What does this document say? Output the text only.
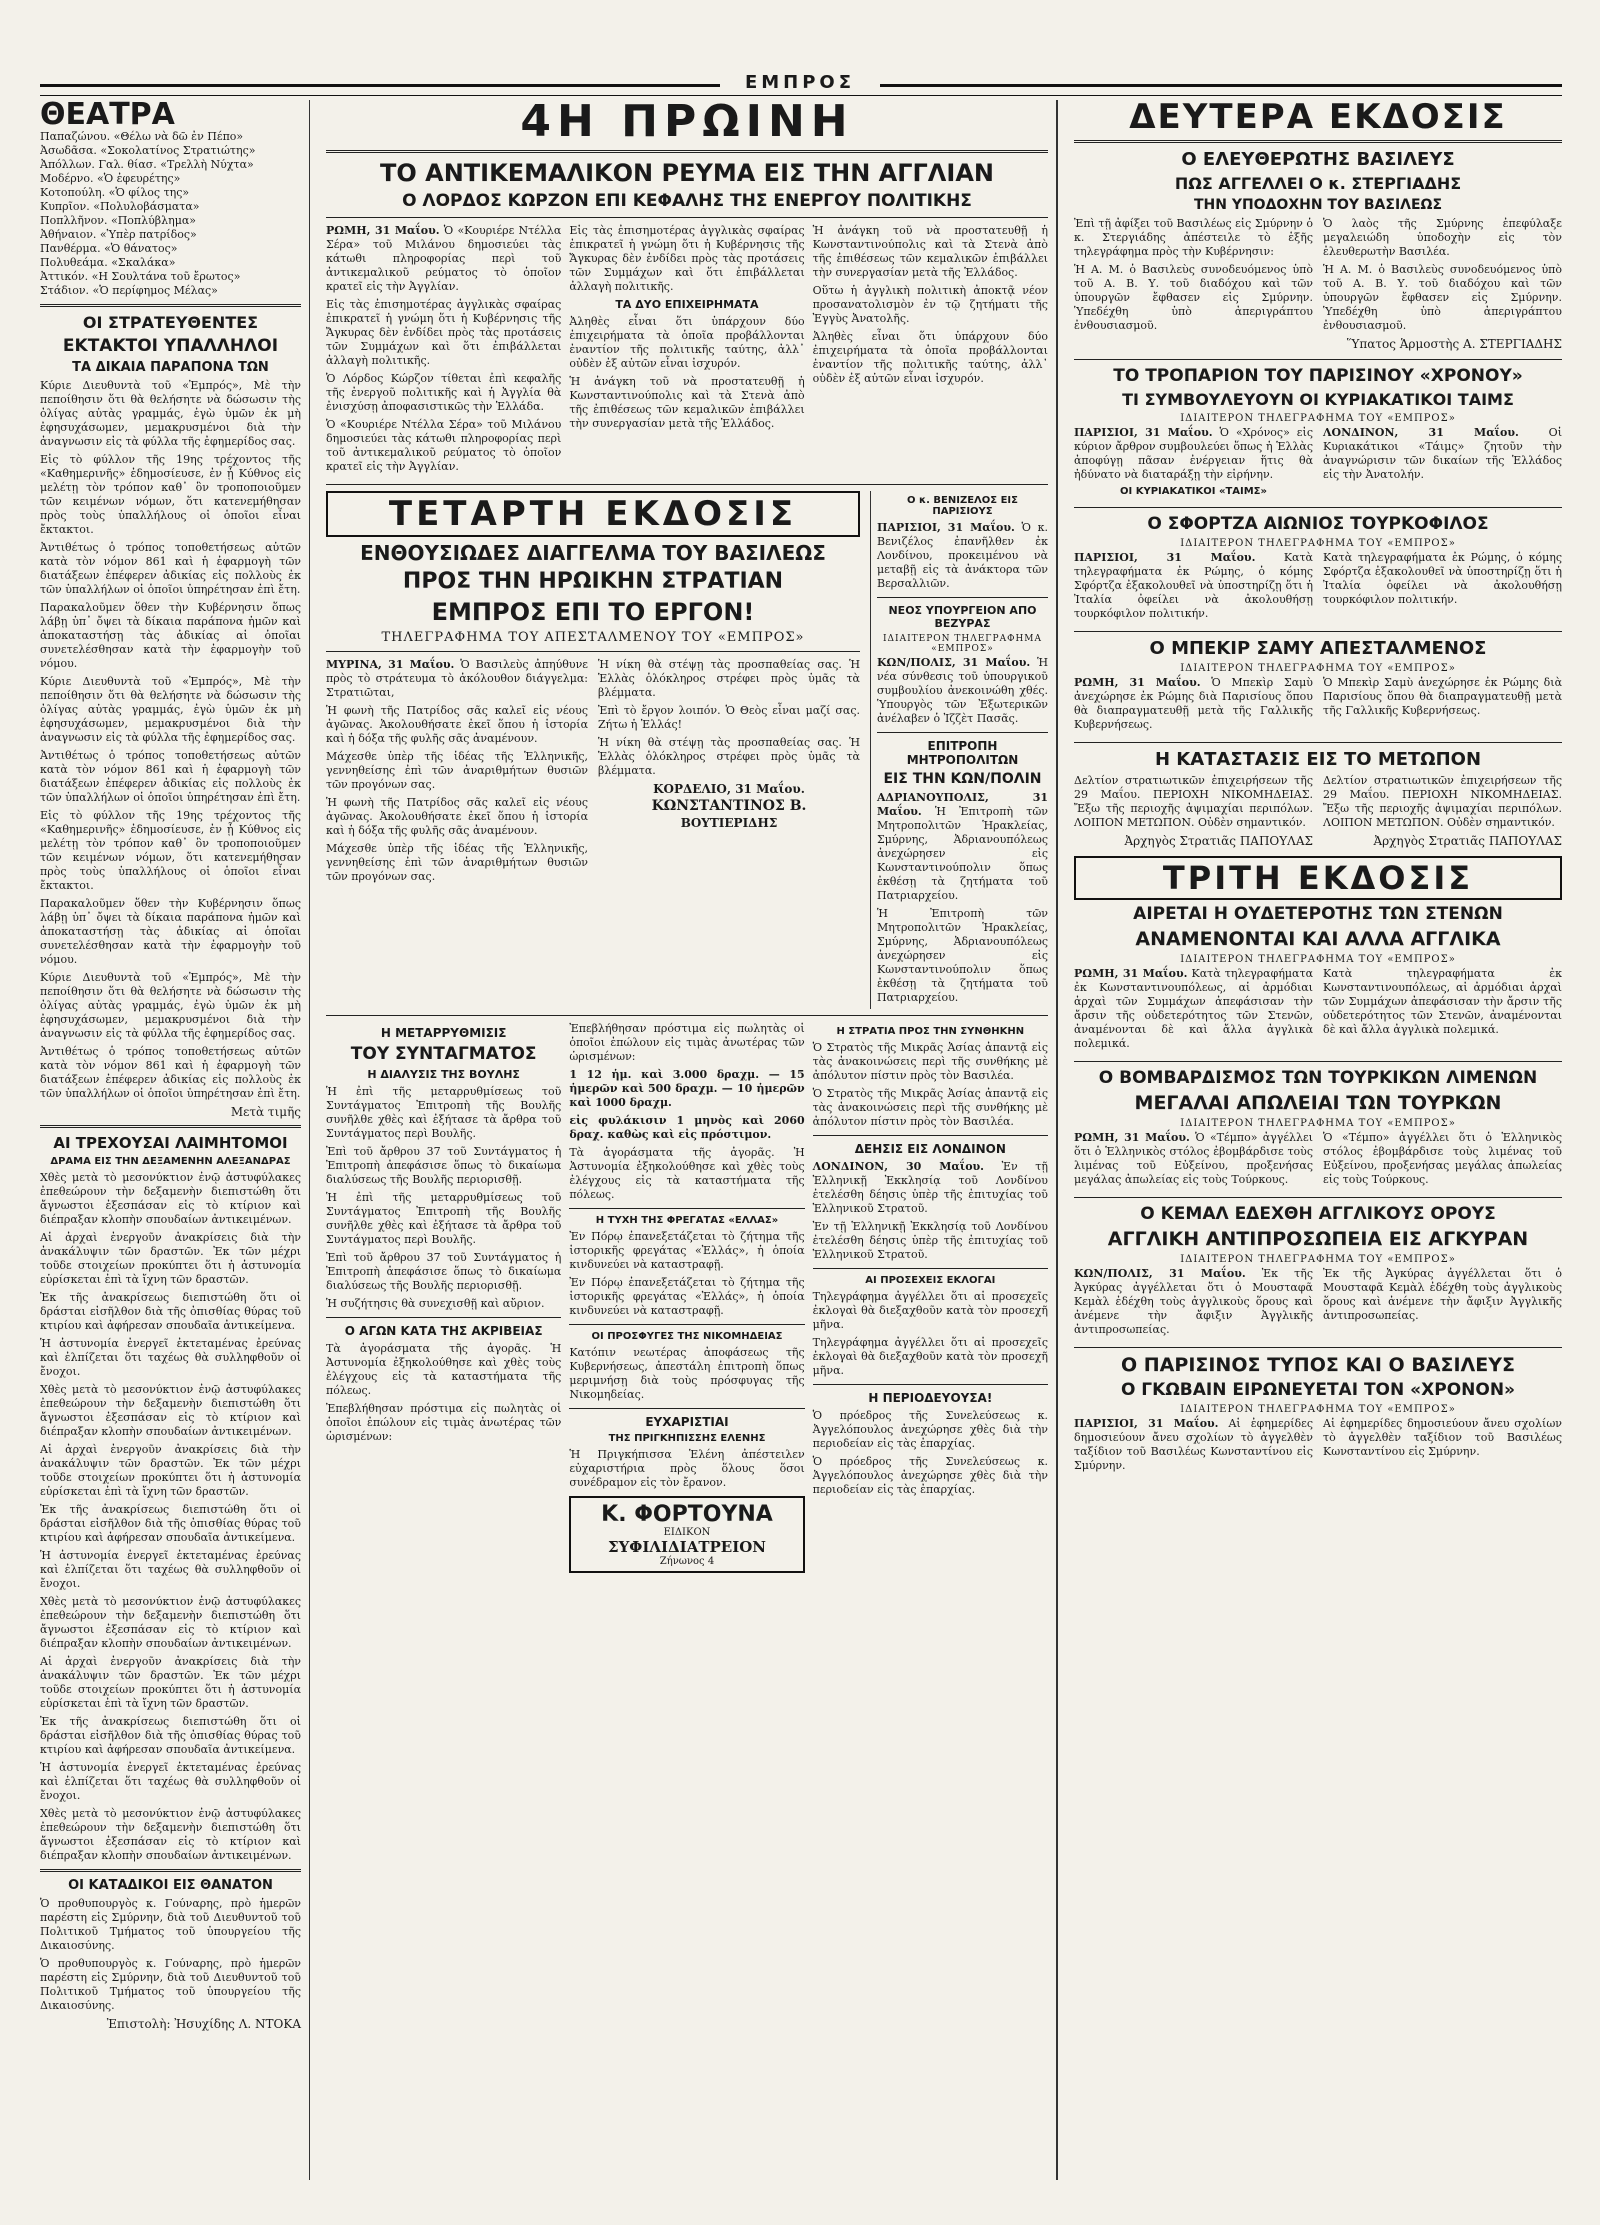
ΕΜΠΡΟΣ
ΘΕΑΤΡΑ

Παπαζώνου. «Θέλω νὰ δῶ ἐν Πέπο»

Ἀσωδᾶσα. «Σοκολατίνος Στρατιώτης»

Ἀπόλλων. Γαλ. θίασ. «Τρελλὴ Νύχτα»

Μοδέρνο. «Ὁ ἐφευρέτης»

Κοτοπούλη. «Ὁ φίλος της»

Κυπρῖον. «Πολυλοβάσματα»

Ποπλλῆνον. «Ποπλύβλημα»

Ἀθήναιον. «Ὑπὲρ πατρίδος»

Πανθέρμα. «Ὁ θάνατος»

Πολυθεάμα. «Σκαλάκα»

Ἀττικόν. «Η Σουλτάνα τοῦ ἔρωτος»

Στάδιον. «Ὁ περίφημος Μέλας»

ΟΙ ΣΤΡΑΤΕΥΘΕΝΤΕΣ
ΕΚΤΑΚΤΟΙ ΥΠΑΛΛΗΛΟΙ
ΤΑ ΔΙΚΑΙΑ ΠΑΡΑΠΟΝΑ ΤΩΝ

Κύριε Διευθυντὰ τοῦ «Ἐμπρός», Μὲ τὴν πεποίθησιν ὅτι θὰ θελήσητε νὰ δώσωσιν τὴς ὀλίγας αὐτὰς γραμμάς, ἐγὼ ὑμῶν ἐκ μὴ ἐφησυχάσωμεν, μεμακρυσμένοι διὰ τὴν ἀναγνωσιν εἰς τὰ φύλλα τῆς ἐφημερίδος σας.

Εἰς τὸ φύλλον τῆς 19ης τρέχοντος τῆς «Καθημερινῆς» ἐδημοσίευσε, ἐν ᾗ Κύθνος εἰς μελέτῃ τὸν τρόπον καθ᾿ ὃν τροποποιοῦμεν τῶν κειμένων νόμων, ὅτι κατενεμήθησαν πρὸς τοὺς ὑπαλλήλους οἱ ὁποῖοι εἶναι ἔκτακτοι.

Ἀντιθέτως ὁ τρόπος τοποθετήσεως αὐτῶν κατὰ τὸν νόμον 861 καὶ ἡ ἐφαρμογὴ τῶν διατάξεων ἐπέφερεν ἀδικίας εἰς πολλοὺς ἐκ τῶν ὑπαλλήλων οἱ ὁποῖοι ὑπηρέτησαν ἐπὶ ἔτη.

Παρακαλοῦμεν ὅθεν τὴν Κυβέρνησιν ὅπως λάβῃ ὑπ᾿ ὄψει τὰ δίκαια παράπονα ἡμῶν καὶ ἀποκαταστήσῃ τὰς ἀδικίας αἱ ὁποῖαι συνετελέσθησαν κατὰ τὴν ἐφαρμογὴν τοῦ νόμου.

Κύριε Διευθυντὰ τοῦ «Ἐμπρός», Μὲ τὴν πεποίθησιν ὅτι θὰ θελήσητε νὰ δώσωσιν τὴς ὀλίγας αὐτὰς γραμμάς, ἐγὼ ὑμῶν ἐκ μὴ ἐφησυχάσωμεν, μεμακρυσμένοι διὰ τὴν ἀναγνωσιν εἰς τὰ φύλλα τῆς ἐφημερίδος σας.

Ἀντιθέτως ὁ τρόπος τοποθετήσεως αὐτῶν κατὰ τὸν νόμον 861 καὶ ἡ ἐφαρμογὴ τῶν διατάξεων ἐπέφερεν ἀδικίας εἰς πολλοὺς ἐκ τῶν ὑπαλλήλων οἱ ὁποῖοι ὑπηρέτησαν ἐπὶ ἔτη.

Εἰς τὸ φύλλον τῆς 19ης τρέχοντος τῆς «Καθημερινῆς» ἐδημοσίευσε, ἐν ᾗ Κύθνος εἰς μελέτῃ τὸν τρόπον καθ᾿ ὃν τροποποιοῦμεν τῶν κειμένων νόμων, ὅτι κατενεμήθησαν πρὸς τοὺς ὑπαλλήλους οἱ ὁποῖοι εἶναι ἔκτακτοι.

Παρακαλοῦμεν ὅθεν τὴν Κυβέρνησιν ὅπως λάβῃ ὑπ᾿ ὄψει τὰ δίκαια παράπονα ἡμῶν καὶ ἀποκαταστήσῃ τὰς ἀδικίας αἱ ὁποῖαι συνετελέσθησαν κατὰ τὴν ἐφαρμογὴν τοῦ νόμου.

Κύριε Διευθυντὰ τοῦ «Ἐμπρός», Μὲ τὴν πεποίθησιν ὅτι θὰ θελήσητε νὰ δώσωσιν τὴς ὀλίγας αὐτὰς γραμμάς, ἐγὼ ὑμῶν ἐκ μὴ ἐφησυχάσωμεν, μεμακρυσμένοι διὰ τὴν ἀναγνωσιν εἰς τὰ φύλλα τῆς ἐφημερίδος σας.

Ἀντιθέτως ὁ τρόπος τοποθετήσεως αὐτῶν κατὰ τὸν νόμον 861 καὶ ἡ ἐφαρμογὴ τῶν διατάξεων ἐπέφερεν ἀδικίας εἰς πολλοὺς ἐκ τῶν ὑπαλλήλων οἱ ὁποῖοι ὑπηρέτησαν ἐπὶ ἔτη.

Μετὰ τιμῆς
ΑΙ ΤΡΕΧΟΥΣΑΙ ΛΑΙΜΗΤΟΜΟΙ
ΔΡΑΜΑ ΕΙΣ ΤΗΝ ΔΕΞΑΜΕΝΗΝ ΑΛΕΞΑΝΔΡΑΣ

Χθὲς μετὰ τὸ μεσονύκτιον ἐνῷ ἀστυφύλακες ἐπεθεώρουν τὴν δεξαμενὴν διεπιστώθη ὅτι ἄγνωστοι ἐξεσπάσαν εἰς τὸ κτίριον καὶ διέπραξαν κλοπὴν σπουδαίων ἀντικειμένων.

Αἱ ἀρχαὶ ἐνεργοῦν ἀνακρίσεις διὰ τὴν ἀνακάλυψιν τῶν δραστῶν. Ἐκ τῶν μέχρι τοῦδε στοιχείων προκύπτει ὅτι ἡ ἀστυνομία εὑρίσκεται ἐπὶ τὰ ἴχνη τῶν δραστῶν.

Ἐκ τῆς ἀνακρίσεως διεπιστώθη ὅτι οἱ δράσται εἰσῆλθον διὰ τῆς ὀπισθίας θύρας τοῦ κτιρίου καὶ ἀφήρεσαν σπουδαῖα ἀντικείμενα.

Ἡ ἀστυνομία ἐνεργεῖ ἐκτεταμένας ἐρεύνας καὶ ἐλπίζεται ὅτι ταχέως θὰ συλληφθοῦν οἱ ἔνοχοι.

Χθὲς μετὰ τὸ μεσονύκτιον ἐνῷ ἀστυφύλακες ἐπεθεώρουν τὴν δεξαμενὴν διεπιστώθη ὅτι ἄγνωστοι ἐξεσπάσαν εἰς τὸ κτίριον καὶ διέπραξαν κλοπὴν σπουδαίων ἀντικειμένων.

Αἱ ἀρχαὶ ἐνεργοῦν ἀνακρίσεις διὰ τὴν ἀνακάλυψιν τῶν δραστῶν. Ἐκ τῶν μέχρι τοῦδε στοιχείων προκύπτει ὅτι ἡ ἀστυνομία εὑρίσκεται ἐπὶ τὰ ἴχνη τῶν δραστῶν.

Ἐκ τῆς ἀνακρίσεως διεπιστώθη ὅτι οἱ δράσται εἰσῆλθον διὰ τῆς ὀπισθίας θύρας τοῦ κτιρίου καὶ ἀφήρεσαν σπουδαῖα ἀντικείμενα.

Ἡ ἀστυνομία ἐνεργεῖ ἐκτεταμένας ἐρεύνας καὶ ἐλπίζεται ὅτι ταχέως θὰ συλληφθοῦν οἱ ἔνοχοι.

Χθὲς μετὰ τὸ μεσονύκτιον ἐνῷ ἀστυφύλακες ἐπεθεώρουν τὴν δεξαμενὴν διεπιστώθη ὅτι ἄγνωστοι ἐξεσπάσαν εἰς τὸ κτίριον καὶ διέπραξαν κλοπὴν σπουδαίων ἀντικειμένων.

Αἱ ἀρχαὶ ἐνεργοῦν ἀνακρίσεις διὰ τὴν ἀνακάλυψιν τῶν δραστῶν. Ἐκ τῶν μέχρι τοῦδε στοιχείων προκύπτει ὅτι ἡ ἀστυνομία εὑρίσκεται ἐπὶ τὰ ἴχνη τῶν δραστῶν.

Ἐκ τῆς ἀνακρίσεως διεπιστώθη ὅτι οἱ δράσται εἰσῆλθον διὰ τῆς ὀπισθίας θύρας τοῦ κτιρίου καὶ ἀφήρεσαν σπουδαῖα ἀντικείμενα.

Ἡ ἀστυνομία ἐνεργεῖ ἐκτεταμένας ἐρεύνας καὶ ἐλπίζεται ὅτι ταχέως θὰ συλληφθοῦν οἱ ἔνοχοι.

Χθὲς μετὰ τὸ μεσονύκτιον ἐνῷ ἀστυφύλακες ἐπεθεώρουν τὴν δεξαμενὴν διεπιστώθη ὅτι ἄγνωστοι ἐξεσπάσαν εἰς τὸ κτίριον καὶ διέπραξαν κλοπὴν σπουδαίων ἀντικειμένων.

ΟΙ ΚΑΤΑΔΙΚΟΙ ΕΙΣ ΘΑΝΑΤΟΝ

Ὁ προθυπουργὸς κ. Γούναρης, πρὸ ἡμερῶν παρέστη εἰς Σμύρνην, διὰ τοῦ Διευθυντοῦ τοῦ Πολιτικοῦ Τμήματος τοῦ ὑπουργείου τῆς Δικαιοσύνης.

Ὁ προθυπουργὸς κ. Γούναρης, πρὸ ἡμερῶν παρέστη εἰς Σμύρνην, διὰ τοῦ Διευθυντοῦ τοῦ Πολιτικοῦ Τμήματος τοῦ ὑπουργείου τῆς Δικαιοσύνης.

Ἐπιστολὴ: Ἠσυχίδης Λ. ΝΤΟΚΑ
4Η ΠΡΩΙΝΗ
ΤΟ ΑΝΤΙΚΕΜΑΛΙΚΟΝ ΡΕΥΜΑ ΕΙΣ ΤΗΝ ΑΓΓΛΙΑΝ
Ο ΛΟΡΔΟΣ ΚΩΡΖΟΝ ΕΠΙ ΚΕΦΑΛΗΣ ΤΗΣ ΕΝΕΡΓΟΥ ΠΟΛΙΤΙΚΗΣ

ΡΩΜΗ, 31 Μαΐου. Ὁ «Κουριέρε Ντέλλα Σέρα» τοῦ Μιλάνου δημοσιεύει τὰς κάτωθι πληροφορίας περὶ τοῦ ἀντικεμαλικοῦ ρεύματος τὸ ὁποῖον κρατεῖ εἰς τὴν Ἀγγλίαν.

Εἰς τὰς ἐπισημοτέρας ἀγγλικὰς σφαίρας ἐπικρατεῖ ἡ γνώμη ὅτι ἡ Κυβέρνησις τῆς Ἄγκυρας δὲν ἐνδίδει πρὸς τὰς προτάσεις τῶν Συμμάχων καὶ ὅτι ἐπιβάλλεται ἀλλαγὴ πολιτικῆς.

Ὁ Λόρδος Κώρζον τίθεται ἐπὶ κεφαλῆς τῆς ἐνεργοῦ πολιτικῆς καὶ ἡ Ἀγγλία θὰ ἐνισχύσῃ ἀποφασιστικῶς τὴν Ἑλλάδα.

Ὁ «Κουριέρε Ντέλλα Σέρα» τοῦ Μιλάνου δημοσιεύει τὰς κάτωθι πληροφορίας περὶ τοῦ ἀντικεμαλικοῦ ρεύματος τὸ ὁποῖον κρατεῖ εἰς τὴν Ἀγγλίαν.

Εἰς τὰς ἐπισημοτέρας ἀγγλικὰς σφαίρας ἐπικρατεῖ ἡ γνώμη ὅτι ἡ Κυβέρνησις τῆς Ἄγκυρας δὲν ἐνδίδει πρὸς τὰς προτάσεις τῶν Συμμάχων καὶ ὅτι ἐπιβάλλεται ἀλλαγὴ πολιτικῆς.

ΤΑ ΔΥΟ ΕΠΙΧΕΙΡΗΜΑΤΑ

Ἀληθὲς εἶναι ὅτι ὑπάρχουν δύο ἐπιχειρήματα τὰ ὁποῖα προβάλλονται ἐναντίον τῆς πολιτικῆς ταύτης, ἀλλ᾿ οὐδὲν ἐξ αὐτῶν εἶναι ἰσχυρόν.

Ἡ ἀνάγκη τοῦ νὰ προστατευθῇ ἡ Κωνσταντινούπολις καὶ τὰ Στενὰ ἀπὸ τῆς ἐπιθέσεως τῶν κεμαλικῶν ἐπιβάλλει τὴν συνεργασίαν μετὰ τῆς Ἑλλάδος.

Ἡ ἀνάγκη τοῦ νὰ προστατευθῇ ἡ Κωνσταντινούπολις καὶ τὰ Στενὰ ἀπὸ τῆς ἐπιθέσεως τῶν κεμαλικῶν ἐπιβάλλει τὴν συνεργασίαν μετὰ τῆς Ἑλλάδος.

Οὕτω ἡ ἀγγλικὴ πολιτικὴ ἀποκτᾷ νέον προσανατολισμὸν ἐν τῷ ζητήματι τῆς Ἐγγὺς Ἀνατολῆς.

Ἀληθὲς εἶναι ὅτι ὑπάρχουν δύο ἐπιχειρήματα τὰ ὁποῖα προβάλλονται ἐναντίον τῆς πολιτικῆς ταύτης, ἀλλ᾿ οὐδὲν ἐξ αὐτῶν εἶναι ἰσχυρόν.

ΤΕΤΑΡΤΗ ΕΚΔΟΣΙΣ
ΕΝΘΟΥΣΙΩΔΕΣ ΔΙΑΓΓΕΛΜΑ ΤΟΥ ΒΑΣΙΛΕΩΣ
ΠΡΟΣ ΤΗΝ ΗΡΩΙΚΗΝ ΣΤΡΑΤΙΑΝ
ΕΜΠΡΟΣ ΕΠΙ ΤΟ ΕΡΓΟΝ!
ΤΗΛΕΓΡΑΦΗΜΑ ΤΟΥ ΑΠΕΣΤΑΛΜΕΝΟΥ ΤΟΥ «ΕΜΠΡΟΣ»

ΜΥΡΙΝΑ, 31 Μαΐου. Ὁ Βασιλεὺς ἀπηύθυνε πρὸς τὸ στράτευμα τὸ ἀκόλουθον διάγγελμα: Στρατιῶται,

Ἡ φωνὴ τῆς Πατρίδος σᾶς καλεῖ εἰς νέους ἀγῶνας. Ἀκολουθήσατε ἐκεῖ ὅπου ἡ ἱστορία καὶ ἡ δόξα τῆς φυλῆς σᾶς ἀναμένουν.

Μάχεσθε ὑπὲρ τῆς ἰδέας τῆς Ἑλληνικῆς, γεννηθείσης ἐπὶ τῶν ἀναριθμήτων θυσιῶν τῶν προγόνων σας.

Ἡ φωνὴ τῆς Πατρίδος σᾶς καλεῖ εἰς νέους ἀγῶνας. Ἀκολουθήσατε ἐκεῖ ὅπου ἡ ἱστορία καὶ ἡ δόξα τῆς φυλῆς σᾶς ἀναμένουν.

Μάχεσθε ὑπὲρ τῆς ἰδέας τῆς Ἑλληνικῆς, γεννηθείσης ἐπὶ τῶν ἀναριθμήτων θυσιῶν τῶν προγόνων σας.

Ἡ νίκη θὰ στέψῃ τὰς προσπαθείας σας. Ἡ Ἑλλὰς ὁλόκληρος στρέφει πρὸς ὑμᾶς τὰ βλέμματα.

Ἐπὶ τὸ ἔργον λοιπόν. Ὁ Θεὸς εἶναι μαζί σας. Ζήτω ἡ Ἑλλάς!

Ἡ νίκη θὰ στέψῃ τὰς προσπαθείας σας. Ἡ Ἑλλὰς ὁλόκληρος στρέφει πρὸς ὑμᾶς τὰ βλέμματα.

ΚΟΡΔΕΛΙΟ, 31 Μαΐου.
ΚΩΝΣΤΑΝΤΙΝΟΣ Β.
ΒΟΥΤΙΕΡΙΔΗΣ
Ο κ. ΒΕΝΙΖΕΛΟΣ ΕΙΣ ΠΑΡΙΣΙΟΥΣ

ΠΑΡΙΣΙΟΙ, 31 Μαΐου. Ὁ κ. Βενιζέλος ἐπανῆλθεν ἐκ Λονδίνου, προκειμένου νὰ μεταβῇ εἰς τὰ ἀνάκτορα τῶν Βερσαλλιῶν.

ΝΕΟΣ ΥΠΟΥΡΓΕΙΟΝ ΑΠΟ ΒΕΖΥΡΑΣ
ΙΔΙΑΙΤΕΡΟΝ ΤΗΛΕΓΡΑΦΗΜΑ «ΕΜΠΡΟΣ»

ΚΩΝ/ΠΟΛΙΣ, 31 Μαΐου. Ἡ νέα σύνθεσις τοῦ ὑπουργικοῦ συμβουλίου ἀνεκοινώθη χθές. Ὑπουργὸς τῶν Ἐξωτερικῶν ἀνέλαβεν ὁ Ἰζζὲτ Πασᾶς.

ΕΠΙΤΡΟΠΗ ΜΗΤΡΟΠΟΛΙΤΩΝ
ΕΙΣ ΤΗΝ ΚΩΝ/ΠΟΛΙΝ

ΑΔΡΙΑΝΟΥΠΟΛΙΣ, 31 Μαΐου. Ἡ Ἐπιτροπὴ τῶν Μητροπολιτῶν Ἡρακλείας, Σμύρνης, Ἀδριανουπόλεως ἀνεχώρησεν εἰς Κωνσταντινούπολιν ὅπως ἐκθέσῃ τὰ ζητήματα τοῦ Πατριαρχείου.

Ἡ Ἐπιτροπὴ τῶν Μητροπολιτῶν Ἡρακλείας, Σμύρνης, Ἀδριανουπόλεως ἀνεχώρησεν εἰς Κωνσταντινούπολιν ὅπως ἐκθέσῃ τὰ ζητήματα τοῦ Πατριαρχείου.

Η ΜΕΤΑΡΡΥΘΜΙΣΙΣ
ΤΟΥ ΣΥΝΤΑΓΜΑΤΟΣ
Η ΔΙΑΛΥΣΙΣ ΤΗΣ ΒΟΥΛΗΣ

Ἡ ἐπὶ τῆς μεταρρυθμίσεως τοῦ Συντάγματος Ἐπιτροπὴ τῆς Βουλῆς συνῆλθε χθὲς καὶ ἐξήτασε τὰ ἄρθρα τοῦ Συντάγματος περὶ Βουλῆς.

Ἐπὶ τοῦ ἄρθρου 37 τοῦ Συντάγματος ἡ Ἐπιτροπὴ ἀπεφάσισε ὅπως τὸ δικαίωμα διαλύσεως τῆς Βουλῆς περιορισθῇ.

Ἡ ἐπὶ τῆς μεταρρυθμίσεως τοῦ Συντάγματος Ἐπιτροπὴ τῆς Βουλῆς συνῆλθε χθὲς καὶ ἐξήτασε τὰ ἄρθρα τοῦ Συντάγματος περὶ Βουλῆς.

Ἐπὶ τοῦ ἄρθρου 37 τοῦ Συντάγματος ἡ Ἐπιτροπὴ ἀπεφάσισε ὅπως τὸ δικαίωμα διαλύσεως τῆς Βουλῆς περιορισθῇ.

Ἡ συζήτησις θὰ συνεχισθῇ καὶ αὔριον.

Ο ΑΓΩΝ ΚΑΤΑ ΤΗΣ ΑΚΡΙΒΕΙΑΣ

Τὰ ἀγοράσματα τῆς ἀγορᾶς. Ἡ Ἀστυνομία ἐξηκολούθησε καὶ χθὲς τοὺς ἐλέγχους εἰς τὰ καταστήματα τῆς πόλεως.

Ἐπεβλήθησαν πρόστιμα εἰς πωλητὰς οἱ ὁποῖοι ἐπώλουν εἰς τιμὰς ἀνωτέρας τῶν ὡρισμένων:

Ἐπεβλήθησαν πρόστιμα εἰς πωλητὰς οἱ ὁποῖοι ἐπώλουν εἰς τιμὰς ἀνωτέρας τῶν ὡρισμένων:

1 12 ἡμ. καὶ 3.000 δραχμ. — 15 ἡμερῶν καὶ 500 δραχμ. — 10 ἡμερῶν καὶ 1000 δραχμ.

εἰς φυλάκισιν 1 μηνὸς καὶ 2060 δραχ. καθὼς καὶ εἰς πρόστιμον.

Τὰ ἀγοράσματα τῆς ἀγορᾶς. Ἡ Ἀστυνομία ἐξηκολούθησε καὶ χθὲς τοὺς ἐλέγχους εἰς τὰ καταστήματα τῆς πόλεως.

Η ΤΥΧΗ ΤΗΣ ΦΡΕΓΑΤΑΣ «ΕΛΛΑΣ»

Ἐν Πόρῳ ἐπανεξετάζεται τὸ ζήτημα τῆς ἱστορικῆς φρεγάτας «Ἑλλάς», ἡ ὁποία κινδυνεύει νὰ καταστραφῇ.

Ἐν Πόρῳ ἐπανεξετάζεται τὸ ζήτημα τῆς ἱστορικῆς φρεγάτας «Ἑλλάς», ἡ ὁποία κινδυνεύει νὰ καταστραφῇ.

ΟΙ ΠΡΟΣΦΥΓΕΣ ΤΗΣ ΝΙΚΟΜΗΔΕΙΑΣ

Κατόπιν νεωτέρας ἀποφάσεως τῆς Κυβερνήσεως, ἀπεστάλη ἐπιτροπὴ ὅπως μεριμνήσῃ διὰ τοὺς πρόσφυγας τῆς Νικομηδείας.

ΕΥΧΑΡΙΣΤΙΑΙ
ΤΗΣ ΠΡΙΓΚΗΠΙΣΣΗΣ ΕΛΕΝΗΣ

Ἡ Πριγκήπισσα Ἑλένη ἀπέστειλεν εὐχαριστήρια πρὸς ὅλους ὅσοι συνέδραμον εἰς τὸν ἔρανον.

Κ. ΦΟΡΤΟΥΝΑ
ΕΙΔΙΚΟΝ
ΣΥΦΙΛΙΔΙΑΤΡΕΙΟΝ
Ζήνωνος 4
Η ΣΤΡΑΤΙΑ ΠΡΟΣ ΤΗΝ ΣΥΝΘΗΚΗΝ

Ὁ Στρατὸς τῆς Μικρᾶς Ἀσίας ἀπαντᾷ εἰς τὰς ἀνακοινώσεις περὶ τῆς συνθήκης μὲ ἀπόλυτον πίστιν πρὸς τὸν Βασιλέα.

Ὁ Στρατὸς τῆς Μικρᾶς Ἀσίας ἀπαντᾷ εἰς τὰς ἀνακοινώσεις περὶ τῆς συνθήκης μὲ ἀπόλυτον πίστιν πρὸς τὸν Βασιλέα.

ΔΕΗΣΙΣ ΕΙΣ ΛΟΝΔΙΝΟΝ

ΛΟΝΔΙΝΟΝ, 30 Μαΐου. Ἐν τῇ Ἑλληνικῇ Ἐκκλησίᾳ τοῦ Λονδίνου ἐτελέσθη δέησις ὑπὲρ τῆς ἐπιτυχίας τοῦ Ἑλληνικοῦ Στρατοῦ.

Ἐν τῇ Ἑλληνικῇ Ἐκκλησίᾳ τοῦ Λονδίνου ἐτελέσθη δέησις ὑπὲρ τῆς ἐπιτυχίας τοῦ Ἑλληνικοῦ Στρατοῦ.

ΑΙ ΠΡΟΣΕΧΕΙΣ ΕΚΛΟΓΑΙ

Τηλεγράφημα ἀγγέλλει ὅτι αἱ προσεχεῖς ἐκλογαὶ θὰ διεξαχθοῦν κατὰ τὸν προσεχῆ μῆνα.

Τηλεγράφημα ἀγγέλλει ὅτι αἱ προσεχεῖς ἐκλογαὶ θὰ διεξαχθοῦν κατὰ τὸν προσεχῆ μῆνα.

Η ΠΕΡΙΟΔΕΥΟΥΣΑ!

Ὁ πρόεδρος τῆς Συνελεύσεως κ. Ἀγγελόπουλος ἀνεχώρησε χθὲς διὰ τὴν περιοδείαν εἰς τὰς ἐπαρχίας.

Ὁ πρόεδρος τῆς Συνελεύσεως κ. Ἀγγελόπουλος ἀνεχώρησε χθὲς διὰ τὴν περιοδείαν εἰς τὰς ἐπαρχίας.

ΔΕΥΤΕΡΑ ΕΚΔΟΣΙΣ
Ο ΕΛΕΥΘΕΡΩΤΗΣ ΒΑΣΙΛΕΥΣ
ΠΩΣ ΑΓΓΕΛΛΕΙ Ο κ. ΣΤΕΡΓΙΑΔΗΣ
ΤΗΝ ΥΠΟΔΟΧΗΝ ΤΟΥ ΒΑΣΙΛΕΩΣ

Ἐπὶ τῇ ἀφίξει τοῦ Βασιλέως εἰς Σμύρνην ὁ κ. Στεργιάδης ἀπέστειλε τὸ ἑξῆς τηλεγράφημα πρὸς τὴν Κυβέρνησιν:

Ἡ Α. Μ. ὁ Βασιλεὺς συνοδευόμενος ὑπὸ τοῦ Α. Β. Υ. τοῦ διαδόχου καὶ τῶν ὑπουργῶν ἔφθασεν εἰς Σμύρνην. Ὑπεδέχθη ὑπὸ ἀπεριγράπτου ἐνθουσιασμοῦ.

Ὁ λαὸς τῆς Σμύρνης ἐπεφύλαξε μεγαλειώδη ὑποδοχὴν εἰς τὸν ἐλευθερωτὴν Βασιλέα.

Ἡ Α. Μ. ὁ Βασιλεὺς συνοδευόμενος ὑπὸ τοῦ Α. Β. Υ. τοῦ διαδόχου καὶ τῶν ὑπουργῶν ἔφθασεν εἰς Σμύρνην. Ὑπεδέχθη ὑπὸ ἀπεριγράπτου ἐνθουσιασμοῦ.

Ὕπατος Ἁρμοστὴς Α. ΣΤΕΡΓΙΑΔΗΣ
ΤΟ ΤΡΟΠΑΡΙΟΝ ΤΟΥ ΠΑΡΙΣΙΝΟΥ «ΧΡΟΝΟΥ»
ΤΙ ΣΥΜΒΟΥΛΕΥΟΥΝ ΟΙ ΚΥΡΙΑΚΑΤΙΚΟΙ ΤΑΙΜΣ
ΙΔΙΑΙΤΕΡΟΝ ΤΗΛΕΓΡΑΦΗΜΑ ΤΟΥ «ΕΜΠΡΟΣ»

ΠΑΡΙΣΙΟΙ, 31 Μαΐου. Ὁ «Χρόνος» εἰς κύριον ἄρθρον συμβουλεύει ὅπως ἡ Ἑλλὰς ἀποφύγῃ πᾶσαν ἐνέργειαν ἥτις θὰ ἠδύνατο νὰ διαταράξῃ τὴν εἰρήνην.

ΟΙ ΚΥΡΙΑΚΑΤΙΚΟΙ «ΤΑΙΜΣ»

ΛΟΝΔΙΝΟΝ, 31 Μαΐου.	Οἱ Κυριακάτικοι «Τάιμς» ζητοῦν τὴν ἀναγνώρισιν τῶν δικαίων τῆς Ἑλλάδος εἰς τὴν Ἀνατολήν.

Ο ΣΦΟΡΤΖΑ ΑΙΩΝΙΟΣ ΤΟΥΡΚΟΦΙΛΟΣ
ΙΔΙΑΙΤΕΡΟΝ ΤΗΛΕΓΡΑΦΗΜΑ ΤΟΥ «ΕΜΠΡΟΣ»

ΠΑΡΙΣΙΟΙ, 31 Μαΐου.	Κατὰ τηλεγραφήματα ἐκ Ρώμης, ὁ κόμης Σφόρτζα ἐξακολουθεῖ νὰ ὑποστηρίζῃ ὅτι ἡ Ἰταλία ὀφείλει νὰ ἀκολουθήσῃ τουρκόφιλον πολιτικήν.

Κατὰ τηλεγραφήματα ἐκ Ρώμης, ὁ κόμης Σφόρτζα ἐξακολουθεῖ νὰ ὑποστηρίζῃ ὅτι ἡ Ἰταλία ὀφείλει νὰ ἀκολουθήσῃ τουρκόφιλον πολιτικήν.

Ο ΜΠΕΚΙΡ ΣΑΜΥ ΑΠΕΣΤΑΛΜΕΝΟΣ
ΙΔΙΑΙΤΕΡΟΝ ΤΗΛΕΓΡΑΦΗΜΑ ΤΟΥ «ΕΜΠΡΟΣ»

ΡΩΜΗ, 31 Μαΐου. Ὁ Μπεκὶρ Σαμὺ ἀνεχώρησε ἐκ Ρώμης διὰ Παρισίους ὅπου θὰ διαπραγματευθῇ μετὰ τῆς Γαλλικῆς Κυβερνήσεως.

Ὁ Μπεκὶρ Σαμὺ ἀνεχώρησε ἐκ Ρώμης διὰ Παρισίους ὅπου θὰ διαπραγματευθῇ μετὰ τῆς Γαλλικῆς Κυβερνήσεως.

Η ΚΑΤΑΣΤΑΣΙΣ ΕΙΣ ΤΟ ΜΕΤΩΠΟΝ

Δελτίον στρατιωτικῶν ἐπιχειρήσεων τῆς 29 Μαΐου. ΠΕΡΙΟΧΗ ΝΙΚΟΜΗΔΕΙΑΣ. Ἔξω τῆς περιοχῆς ἀψιμαχίαι περιπόλων. ΛΟΙΠΟΝ ΜΕΤΩΠΟΝ. Οὐδὲν σημαντικόν.

Ἀρχηγὸς Στρατιᾶς ΠΑΠΟΥΛΑΣ

Δελτίον στρατιωτικῶν ἐπιχειρήσεων τῆς 29 Μαΐου. ΠΕΡΙΟΧΗ ΝΙΚΟΜΗΔΕΙΑΣ. Ἔξω τῆς περιοχῆς ἀψιμαχίαι περιπόλων. ΛΟΙΠΟΝ ΜΕΤΩΠΟΝ. Οὐδὲν σημαντικόν.

Ἀρχηγὸς Στρατιᾶς ΠΑΠΟΥΛΑΣ
ΤΡΙΤΗ ΕΚΔΟΣΙΣ
ΑΙΡΕΤΑΙ Η ΟΥΔΕΤΕΡΟΤΗΣ ΤΩΝ ΣΤΕΝΩΝ
ΑΝΑΜΕΝΟΝΤΑΙ ΚΑΙ ΑΛΛΑ ΑΓΓΛΙΚΑ
ΙΔΙΑΙΤΕΡΟΝ ΤΗΛΕΓΡΑΦΗΜΑ ΤΟΥ «ΕΜΠΡΟΣ»

ΡΩΜΗ, 31 Μαΐου. Κατὰ τηλεγραφήματα ἐκ Κωνσταντινουπόλεως, αἱ ἀρμόδιαι ἀρχαὶ τῶν Συμμάχων ἀπεφάσισαν τὴν ἄρσιν τῆς οὐδετερότητος τῶν Στενῶν, ἀναμένονται δὲ καὶ ἄλλα ἀγγλικὰ πολεμικά.

Κατὰ τηλεγραφήματα ἐκ Κωνσταντινουπόλεως, αἱ ἀρμόδιαι ἀρχαὶ τῶν Συμμάχων ἀπεφάσισαν τὴν ἄρσιν τῆς οὐδετερότητος τῶν Στενῶν, ἀναμένονται δὲ καὶ ἄλλα ἀγγλικὰ πολεμικά.

Ο ΒΟΜΒΑΡΔΙΣΜΟΣ ΤΩΝ ΤΟΥΡΚΙΚΩΝ ΛΙΜΕΝΩΝ
ΜΕΓΑΛΑΙ ΑΠΩΛΕΙΑΙ ΤΩΝ ΤΟΥΡΚΩΝ
ΙΔΙΑΙΤΕΡΟΝ ΤΗΛΕΓΡΑΦΗΜΑ ΤΟΥ «ΕΜΠΡΟΣ»

ΡΩΜΗ, 31 Μαΐου. Ὁ «Τέμπο» ἀγγέλλει ὅτι ὁ Ἑλληνικὸς στόλος ἐβομβάρδισε τοὺς λιμένας τοῦ Εὐξείνου, προξενήσας μεγάλας ἀπωλείας εἰς τοὺς Τούρκους.

Ὁ «Τέμπο» ἀγγέλλει ὅτι ὁ Ἑλληνικὸς στόλος ἐβομβάρδισε τοὺς λιμένας τοῦ Εὐξείνου, προξενήσας μεγάλας ἀπωλείας εἰς τοὺς Τούρκους.

Ο ΚΕΜΑΛ ΕΔΕΧΘΗ ΑΓΓΛΙΚΟΥΣ ΟΡΟΥΣ
ΑΓΓΛΙΚΗ ΑΝΤΙΠΡΟΣΩΠΕΙΑ ΕΙΣ ΑΓΚΥΡΑΝ
ΙΔΙΑΙΤΕΡΟΝ ΤΗΛΕΓΡΑΦΗΜΑ ΤΟΥ «ΕΜΠΡΟΣ»

ΚΩΝ/ΠΟΛΙΣ, 31 Μαΐου. Ἐκ τῆς Ἀγκύρας ἀγγέλλεται ὅτι ὁ Μουσταφᾶ Κεμὰλ ἐδέχθη τοὺς ἀγγλικοὺς ὅρους καὶ ἀνέμενε τὴν ἄφιξιν Ἀγγλικῆς ἀντιπροσωπείας.

Ἐκ τῆς Ἀγκύρας ἀγγέλλεται ὅτι ὁ Μουσταφᾶ Κεμὰλ ἐδέχθη τοὺς ἀγγλικοὺς ὅρους καὶ ἀνέμενε τὴν ἄφιξιν Ἀγγλικῆς ἀντιπροσωπείας.

Ο ΠΑΡΙΣΙΝΟΣ ΤΥΠΟΣ ΚΑΙ Ο ΒΑΣΙΛΕΥΣ
Ο ΓΚΩΒΑΙΝ ΕΙΡΩΝΕΥΕΤΑΙ ΤΟΝ «ΧΡΟΝΟΝ»
ΙΔΙΑΙΤΕΡΟΝ ΤΗΛΕΓΡΑΦΗΜΑ ΤΟΥ «ΕΜΠΡΟΣ»

ΠΑΡΙΣΙΟΙ, 31 Μαΐου. Αἱ ἐφημερίδες δημοσιεύουν ἄνευ σχολίων τὸ ἀγγελθὲν ταξίδιον τοῦ Βασιλέως Κωνσταντίνου εἰς Σμύρνην.

Αἱ ἐφημερίδες δημοσιεύουν ἄνευ σχολίων τὸ ἀγγελθὲν ταξίδιον τοῦ Βασιλέως Κωνσταντίνου εἰς Σμύρνην.
